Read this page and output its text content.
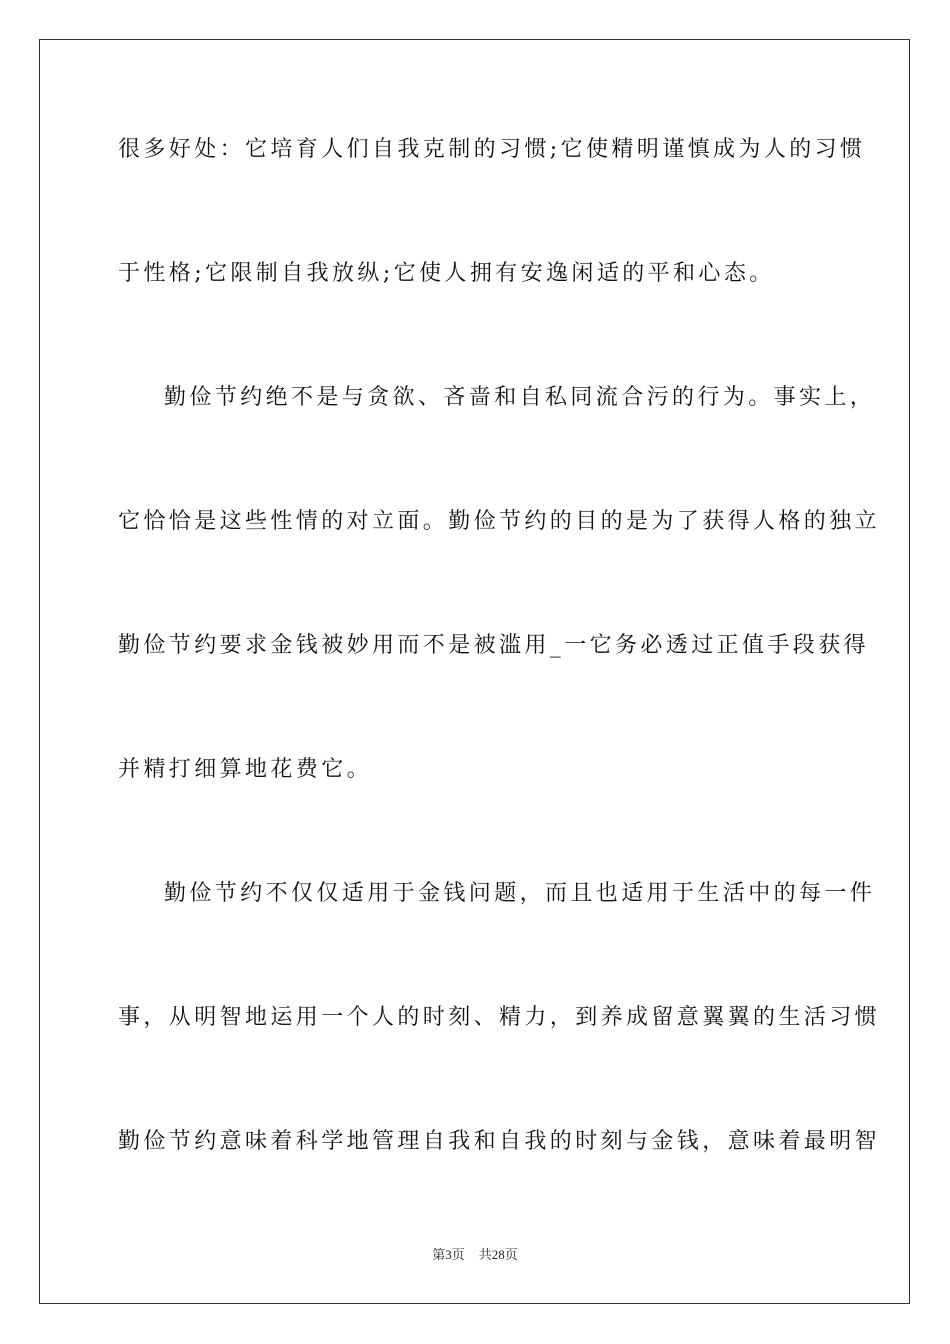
很多好处：它培育人们自我克制的习惯;它使精明谨慎成为人的习惯
于性格;它限制自我放纵;它使人拥有安逸闲适的平和心态。
勤俭节约绝不是与贪欲、吝啬和自私同流合污的行为。事实上，
它恰恰是这些性情的对立面。勤俭节约的目的是为了获得人格的独立
勤俭节约要求金钱被妙用而不是被滥用_一它务必透过正值手段获得
并精打细算地花费它。
勤俭节约不仅仅适用于金钱问题，而且也适用于生活中的每一件
事，从明智地运用一个人的时刻、精力，到养成留意翼翼的生活习惯
勤俭节约意味着科学地管理自我和自我的时刻与金钱，意味着最明智
第3页 共28页
